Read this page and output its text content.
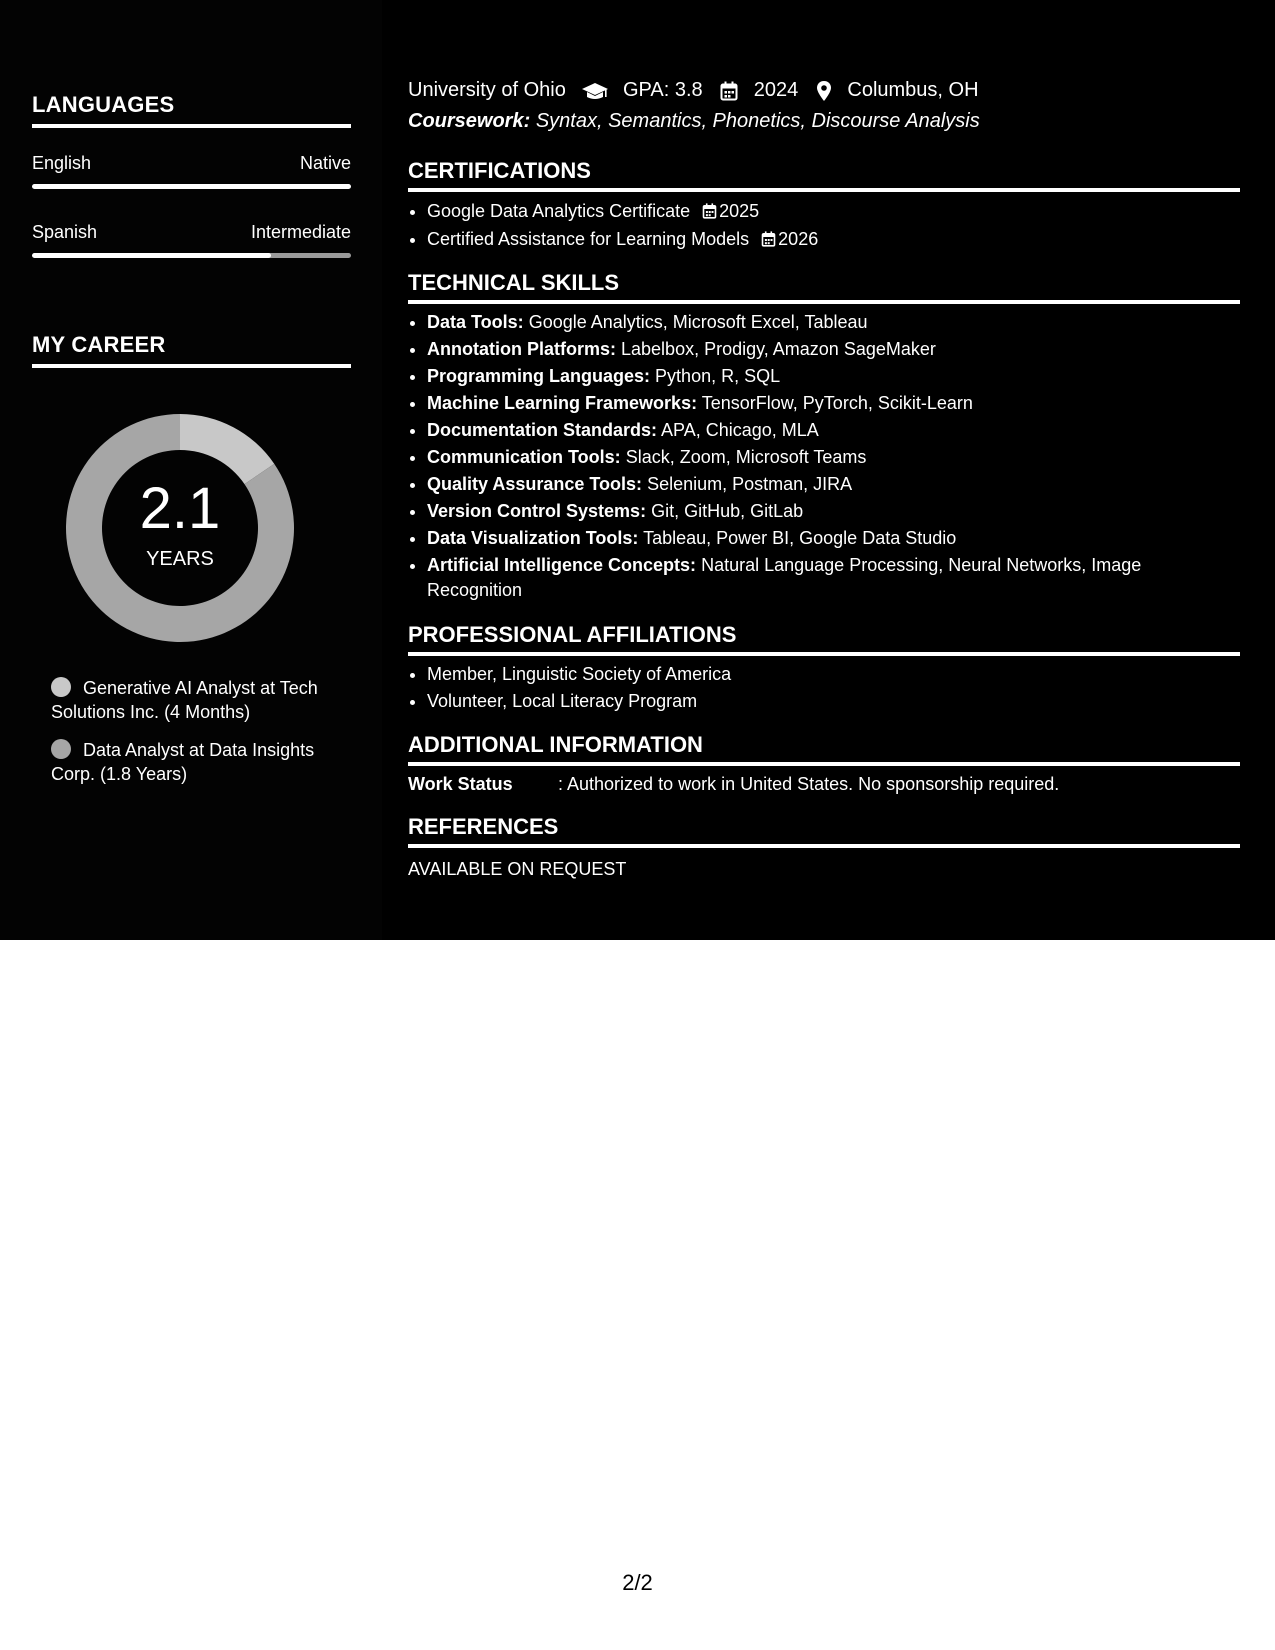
LANGUAGES
English	Native
Spanish	Intermediate
MY CAREER
2.1
YEARS
Generative AI Analyst at Tech Solutions Inc. (4 Months)
Data Analyst at Data Insights Corp. (1.8 Years)
University of Ohio	GPA: 3.8	2024 Columbus, OH
Coursework: Syntax, Semantics, Phonetics, Discourse Analysis
CERTIFICATIONS
• Google Data Analytics Certificate 2025
• Certified Assistance for Learning Models 2026
TECHNICAL SKILLS
• Data Tools: Google Analytics, Microsoft Excel, Tableau
• Annotation Platforms: Labelbox, Prodigy, Amazon SageMaker
• Programming Languages: Python, R, SQL
• Machine Learning Frameworks: TensorFlow, PyTorch, Scikit-Learn
• Documentation Standards: APA, Chicago, MLA
• Communication Tools: Slack, Zoom, Microsoft Teams
• Quality Assurance Tools: Selenium, Postman, JIRA
• Version Control Systems: Git, GitHub, GitLab
• Data Visualization Tools: Tableau, Power BI, Google Data Studio
• Artificial Intelligence Concepts: Natural Language Processing, Neural Networks, Image Recognition
PROFESSIONAL AFFILIATIONS
• Member, Linguistic Society of America
• Volunteer, Local Literacy Program
ADDITIONAL INFORMATION
Work Status	: Authorized to work in United States. No sponsorship required.
REFERENCES
AVAILABLE ON REQUEST
2/2
